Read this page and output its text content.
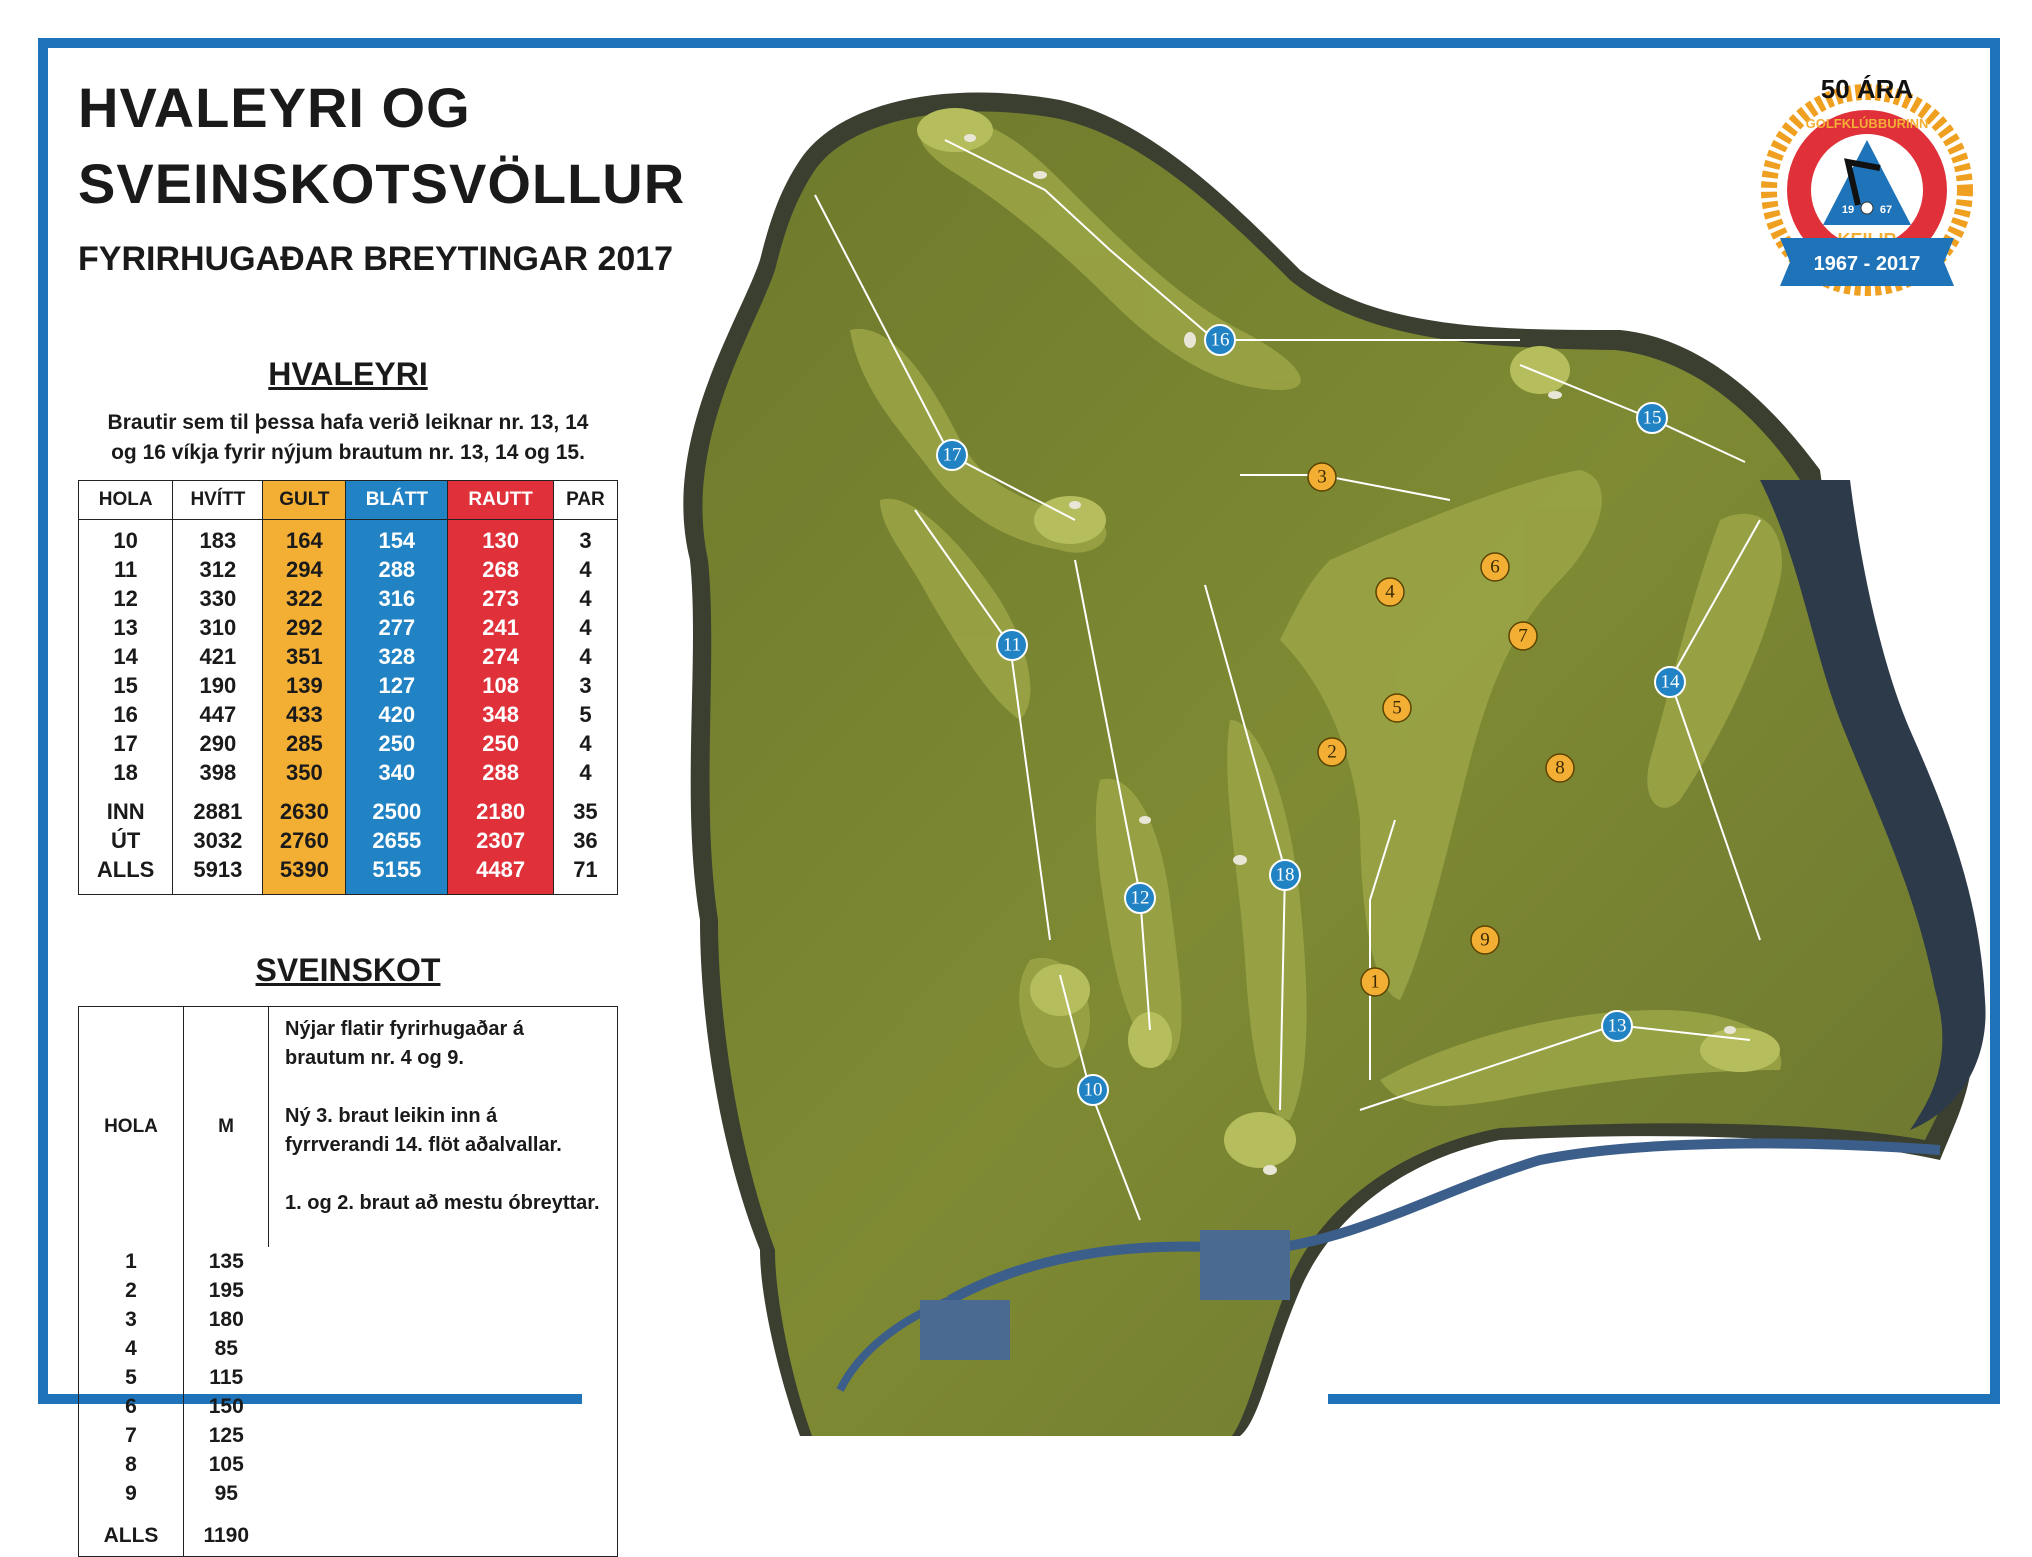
16
15
17
11
14
18
12
13
10
3
6
4
7
5
2
8
9
1
19 67
50 ÁRA
GOLFKLÚBBURINN
1967 - 2017
HVALEYRI OG
SVEINSKOTSVÖLLUR
FYRIRHUGAÐAR BREYTINGAR 2017
HVALEYRI

Brautir sem til þessa hafa verið leiknar nr. 13, 14
og 16 víkja fyrir nýjum brautum nr. 13, 14 og 15.

HOLA	HVÍTT	GULT	BLÁTT	RAUTT	PAR
10	183	164	154	130	3
11	312	294	288	268	4
12	330	322	316	273	4
13	310	292	277	241	4
14	421	351	328	274	4
15	190	139	127	108	3
16	447	433	420	348	5
17	290	285	250	250	4
18	398	350	340	288	4
INN	2881	2630	2500	2180	35
ÚT	3032	2760	2655	2307	36
ALLS	5913	5390	5155	4487	71
SVEINSKOT
HOLA	M	Nýjar flatir fyrirhugaðar á brautum nr. 4 og 9.

Ný 3. braut leikin inn á fyrrverandi 14. flöt aðalvallar.

1. og 2. braut að mestu óbreyttar.

1	135	
2	195	
3	180	
4	85	
5	115	
6	150	
7	125	
8	105	
9	95	
ALLS	1190	
